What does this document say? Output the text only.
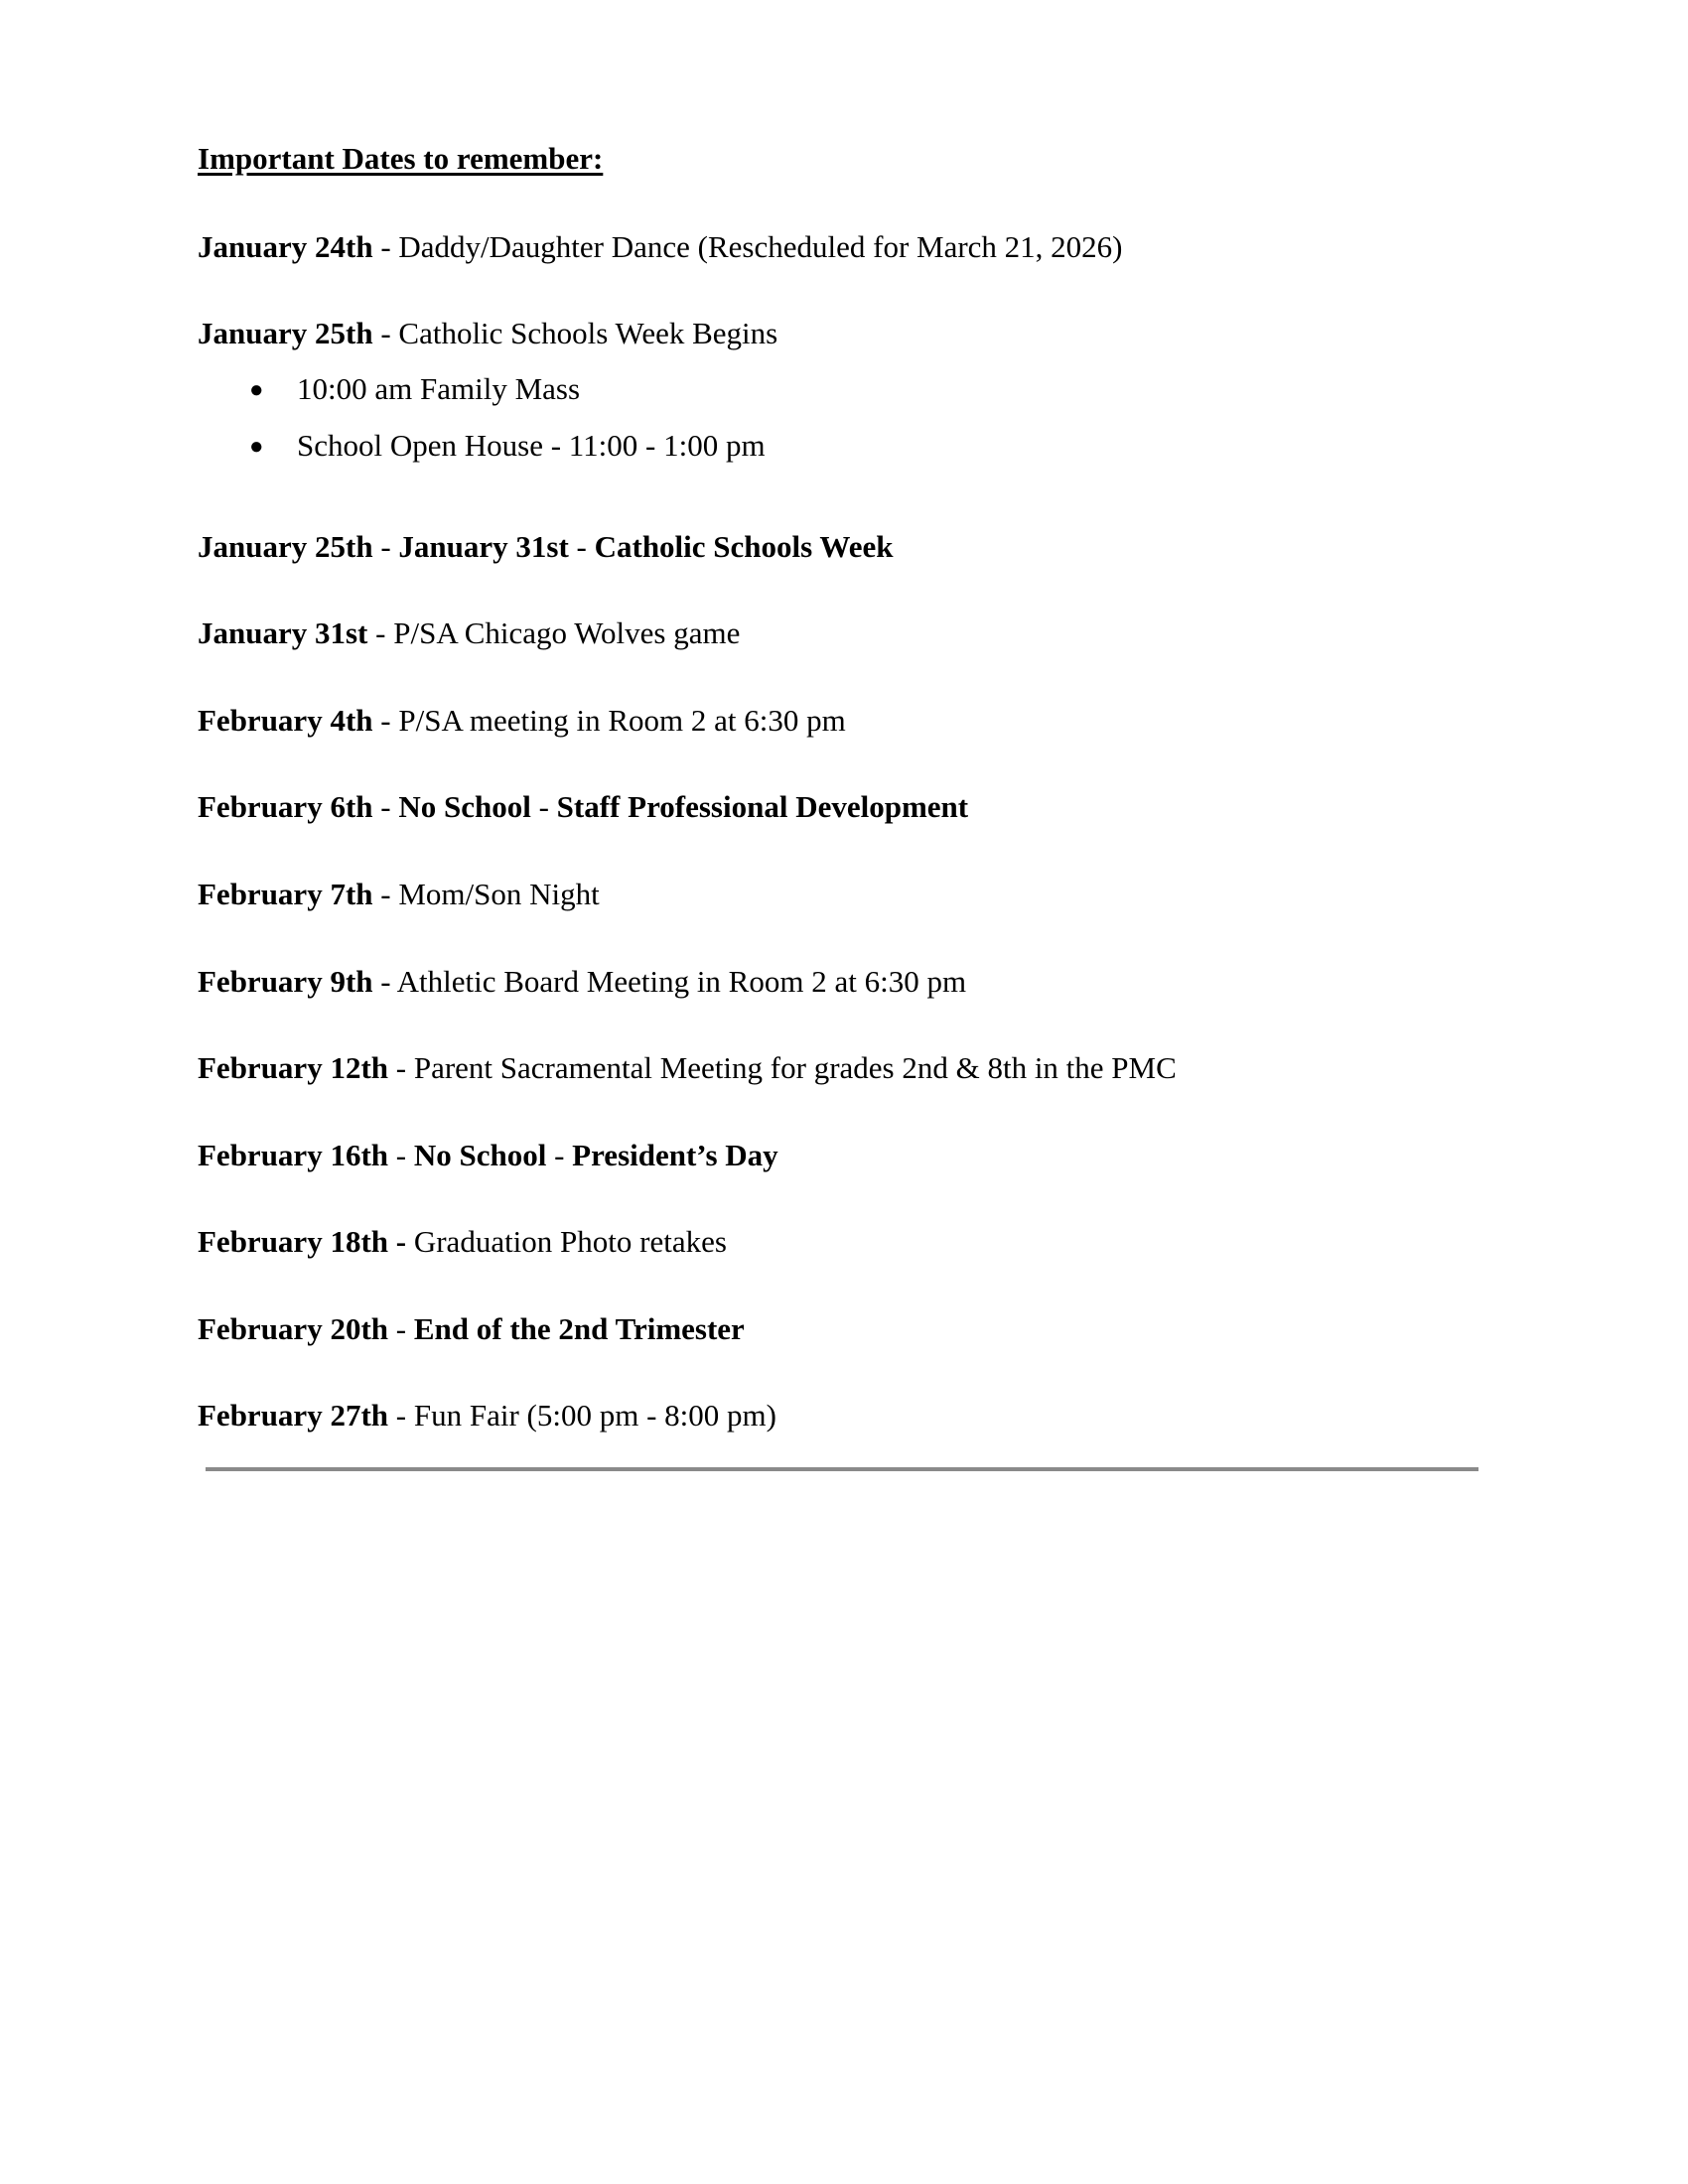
Important Dates to remember:
January 24th - Daddy/Daughter Dance (Rescheduled for March 21, 2026)
January 25th - Catholic Schools Week Begins
● 10:00 am Family Mass
● School Open House - 11:00 - 1:00 pm
January 25th - January 31st - Catholic Schools Week
January 31st - P/SA Chicago Wolves game
February 4th - P/SA meeting in Room 2 at 6:30 pm
February 6th - No School - Staff Professional Development
February 7th - Mom/Son Night
February 9th - Athletic Board Meeting in Room 2 at 6:30 pm
February 12th - Parent Sacramental Meeting for grades 2nd & 8th in the PMC
February 16th - No School - President’s Day
February 18th - Graduation Photo retakes
February 20th - End of the 2nd Trimester
February 27th - Fun Fair (5:00 pm - 8:00 pm)
